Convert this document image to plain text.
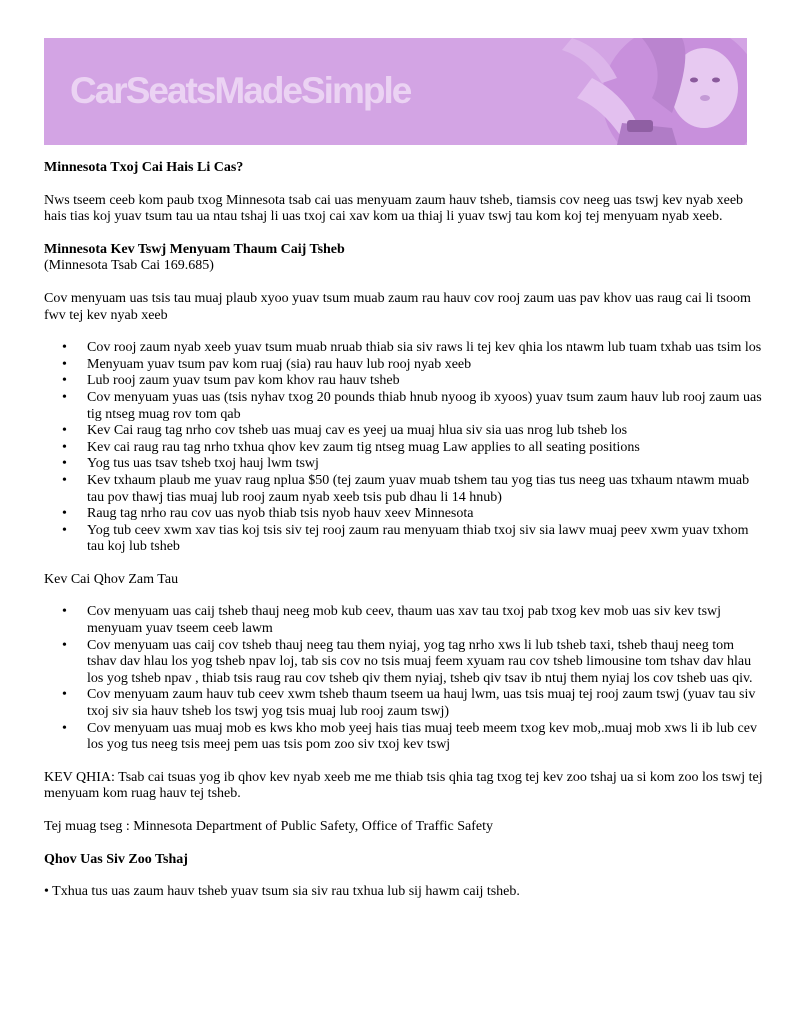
CarSeatsMadeSimple
Minnesota Txoj Cai Hais Li Cas?

Nws tseem ceeb kom paub txog Minnesota tsab cai uas menyuam zaum hauv tsheb, tiamsis cov neeg uas tswj kev nyab xeeb hais tias koj yuav tsum tau ua ntau tshaj li uas txoj cai xav kom ua thiaj li yuav tswj tau kom koj tej menyuam nyab xeeb.

Minnesota Kev Tswj Menyuam Thaum Caij Tsheb

(Minnesota Tsab Cai 169.685)

Cov menyuam uas tsis tau muaj plaub xyoo yuav tsum muab zaum rau hauv cov rooj zaum uas pav khov uas raug cai li tsoom fwv tej kev nyab xeeb

• Cov rooj zaum nyab xeeb yuav tsum muab nruab thiab sia siv raws li tej kev qhia los ntawm lub tuam txhab uas tsim los
• Menyuam yuav tsum pav kom ruaj (sia) rau hauv lub rooj nyab xeeb
• Lub rooj zaum yuav tsum pav kom khov rau hauv tsheb
• Cov menyuam yuas uas (tsis nyhav txog 20 pounds thiab hnub nyoog ib xyoos) yuav tsum zaum hauv lub rooj zaum uas tig ntseg muag rov tom qab
• Kev Cai raug tag nrho cov tsheb uas muaj cav es yeej ua muaj hlua siv sia uas nrog lub tsheb los
• Kev cai raug rau tag nrho txhua qhov kev zaum tig ntseg muag Law applies to all seating positions
• Yog tus uas tsav tsheb txoj hauj lwm tswj
• Kev txhaum plaub me yuav raug nplua $50 (tej zaum yuav muab tshem tau yog tias tus neeg uas txhaum ntawm muab tau pov thawj tias muaj lub rooj zaum nyab xeeb tsis pub dhau li 14 hnub)
• Raug tag nrho rau cov uas nyob thiab tsis nyob hauv xeev Minnesota
• Yog tub ceev xwm xav tias koj tsis siv tej rooj zaum rau menyuam thiab txoj siv sia lawv muaj peev xwm yuav txhom tau koj lub tsheb

Kev Cai Qhov Zam Tau

• Cov menyuam uas caij tsheb thauj neeg mob kub ceev, thaum uas xav tau txoj pab txog kev mob uas siv kev tswj menyuam yuav tseem ceeb lawm
• Cov menyuam uas caij cov tsheb thauj neeg tau them nyiaj, yog tag nrho xws li lub tsheb taxi, tsheb thauj neeg tom tshav dav hlau los yog tsheb npav loj, tab sis cov no tsis muaj feem xyuam rau cov tsheb limousine tom tshav dav hlau los yog tsheb npav , thiab tsis raug rau cov tsheb qiv them nyiaj, tsheb qiv tsav ib ntuj them nyiaj los cov tsheb uas qiv.
• Cov menyuam zaum hauv tub ceev xwm tsheb thaum tseem ua hauj lwm, uas tsis muaj tej rooj zaum tswj (yuav tau siv txoj siv sia hauv tsheb los tswj yog tsis muaj lub rooj zaum tswj)
• Cov menyuam uas muaj mob es kws kho mob yeej hais tias muaj teeb meem txog kev mob,.muaj mob xws li ib lub cev los yog tus neeg tsis meej pem uas tsis pom zoo siv txoj kev tswj

KEV QHIA: Tsab cai tsuas yog ib qhov kev nyab xeeb me me thiab tsis qhia tag txog tej kev zoo tshaj ua si kom zoo los tswj tej menyuam kom ruag hauv tej tsheb.

Tej muag tseg : Minnesota Department of Public Safety, Office of Traffic Safety

Qhov Uas Siv Zoo Tshaj

• Txhua tus uas zaum hauv tsheb yuav tsum sia siv rau txhua lub sij hawm caij tsheb.
